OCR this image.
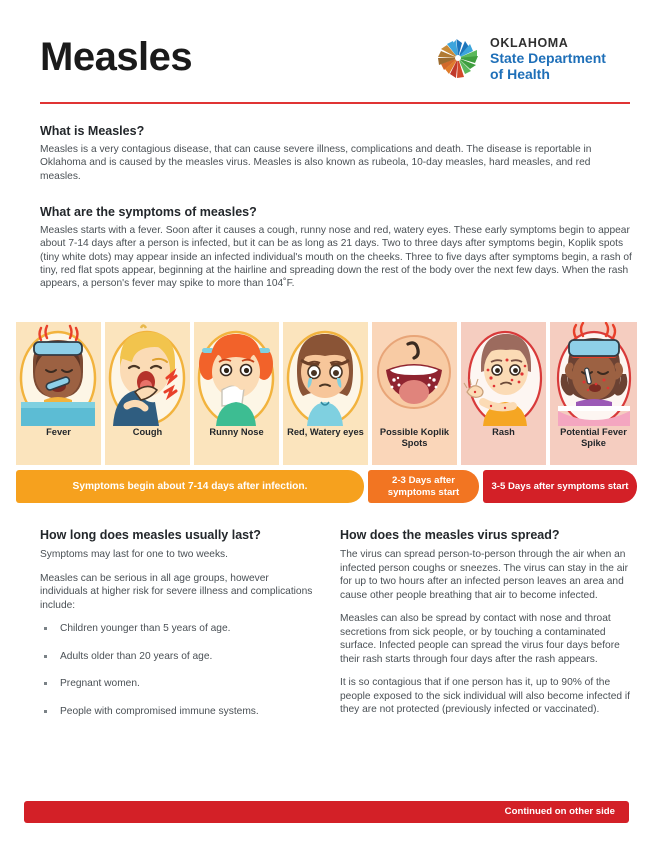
Measles	OKLAHOMA
State Department
of Health

What is Measles?

Measles is a very contagious disease, that can cause severe illness, complications and death. The disease is reportable in Oklahoma and is caused by the measles virus. Measles is also known as rubeola, 10-day measles, hard measles, and red measles.

What are the symptoms of measles?

Measles starts with a fever. Soon after it causes a cough, runny nose and red, watery eyes. These early symptoms begin to appear about 7-14 days after a person is infected, but it can be as long as 21 days. Two to three days after symptoms begin, Koplik spots (tiny white dots) may appear inside an infected individual's mouth on the cheeks. Three to five days after symptoms begin, a rash of tiny, red flat spots appear, beginning at the hairline and spreading down the rest of the body over the next few days. When the rash appears, a person's fever may spike to more than 104˚F.

Fever	Cough	Runny Nose	Red, Watery eyes	Possible Koplik Spots
Rash	Potential Fever Spike
Symptoms begin about 7-14 days after infection.
2-3 Days after symptoms start
3-5 Days after symptoms start

How long does measles usually last?

Symptoms may last for one to two weeks.

Measles can be serious in all age groups, however individuals at higher risk for severe illness and complications include:

Children younger than 5 years of age.
Adults older than 20 years of age.
Pregnant women.
People with compromised immune systems.

How does the measles virus spread?

The virus can spread person-to-person through the air when an infected person coughs or sneezes. The virus can stay in the air for up to two hours after an infected person leaves an area and cause other people breathing that air to become infected.

Measles can also be spread by contact with nose and throat secretions from sick people, or by touching a contaminated surface. Infected people can spread the virus four days before their rash starts through four days after the rash appears.

It is so contagious that if one person has it, up to 90% of the people exposed to the sick individual will also become infected if they are not protected (previously infected or vaccinated).

Continued on other side
